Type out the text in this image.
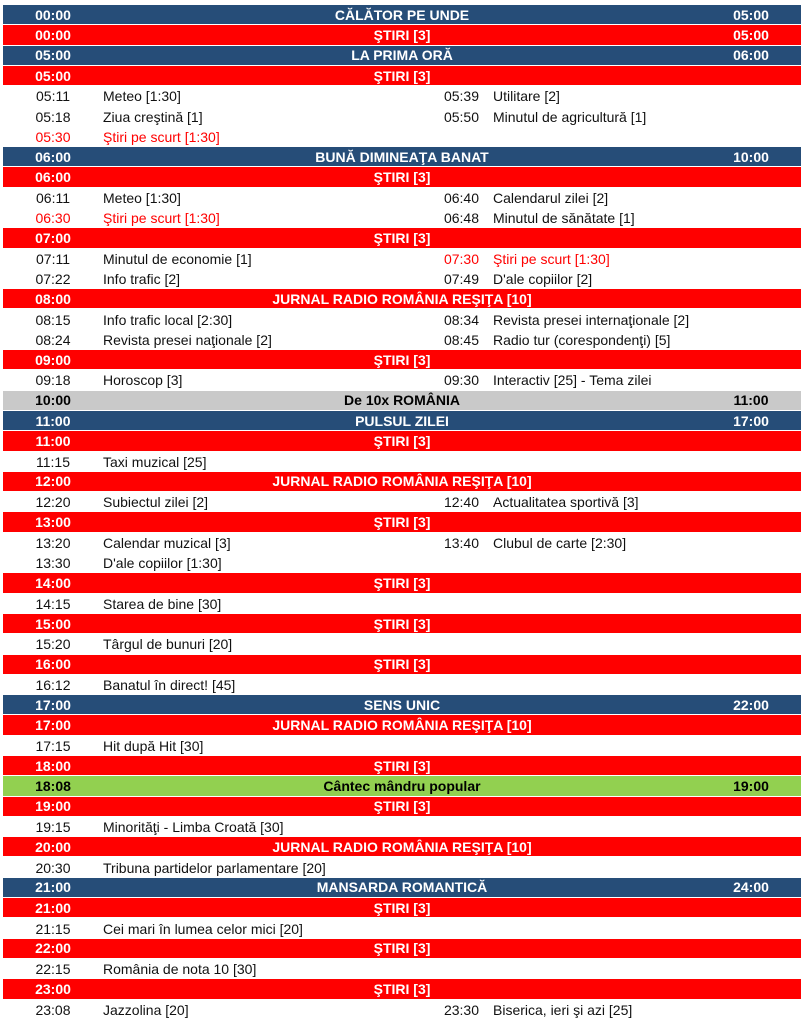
00:00	CĂLĂTOR PE UNDE	05:00
00:00	ŞTIRI [3]	05:00
05:00	LA PRIMA ORĂ	06:00
05:00	ŞTIRI [3]
05:11	Meteo [1:30]	05:39 Utilitare [2]
05:18	Ziua creştină [1]	05:50 Minutul de agricultură [1]
05:30	Ştiri pe scurt [1:30]
06:00	BUNĂ DIMINEAŢA BANAT	10:00
06:00	ŞTIRI [3]
06:11	Meteo [1:30]	06:40 Calendarul zilei [2]
06:30	Ştiri pe scurt [1:30]	06:48 Minutul de sănătate [1]
07:00	ŞTIRI [3]
07:11	Minutul de economie [1]	07:30 Ştiri pe scurt [1:30]
07:22	Info trafic [2]	07:49 D'ale copiilor [2]
08:00	JURNAL RADIO ROMÂNIA REŞIŢA [10]
08:15	Info trafic local [2:30]	08:34 Revista presei internaţionale [2]
08:24	Revista presei naţionale [2]	08:45 Radio tur (corespondenţi) [5]
09:00	ŞTIRI [3]
09:18	Horoscop [3]	09:30 Interactiv [25] - Tema zilei
10:00	De 10x ROMÂNIA	11:00
11:00	PULSUL ZILEI	17:00
11:00	ŞTIRI [3]
11:15	Taxi muzical [25]
12:00	JURNAL RADIO ROMÂNIA REŞIŢA [10]
12:20	Subiectul zilei [2]	12:40 Actualitatea sportivă [3]
13:00	ŞTIRI [3]
13:20	Calendar muzical [3]	13:40 Clubul de carte [2:30]
13:30	D'ale copiilor [1:30]
14:00	ŞTIRI [3]
14:15	Starea de bine [30]
15:00	ŞTIRI [3]
15:20	Târgul de bunuri [20]
16:00	ŞTIRI [3]
16:12	Banatul în direct! [45]
17:00	SENS UNIC	22:00
17:00	JURNAL RADIO ROMÂNIA REŞIŢA [10]
17:15	Hit după Hit [30]
18:00	ŞTIRI [3]
18:08	Cântec mândru popular	19:00
19:00	ŞTIRI [3]
19:15	Minorităţi - Limba Croată [30]
20:00	JURNAL RADIO ROMÂNIA REŞIŢA [10]
20:30	Tribuna partidelor parlamentare [20]
21:00	MANSARDA ROMANTICĂ	24:00
21:00	ŞTIRI [3]
21:15	Cei mari în lumea celor mici [20]
22:00	ŞTIRI [3]
22:15	România de nota 10 [30]
23:00	ŞTIRI [3]
23:08	Jazzolina [20]	23:30 Biserica, ieri şi azi [25]
